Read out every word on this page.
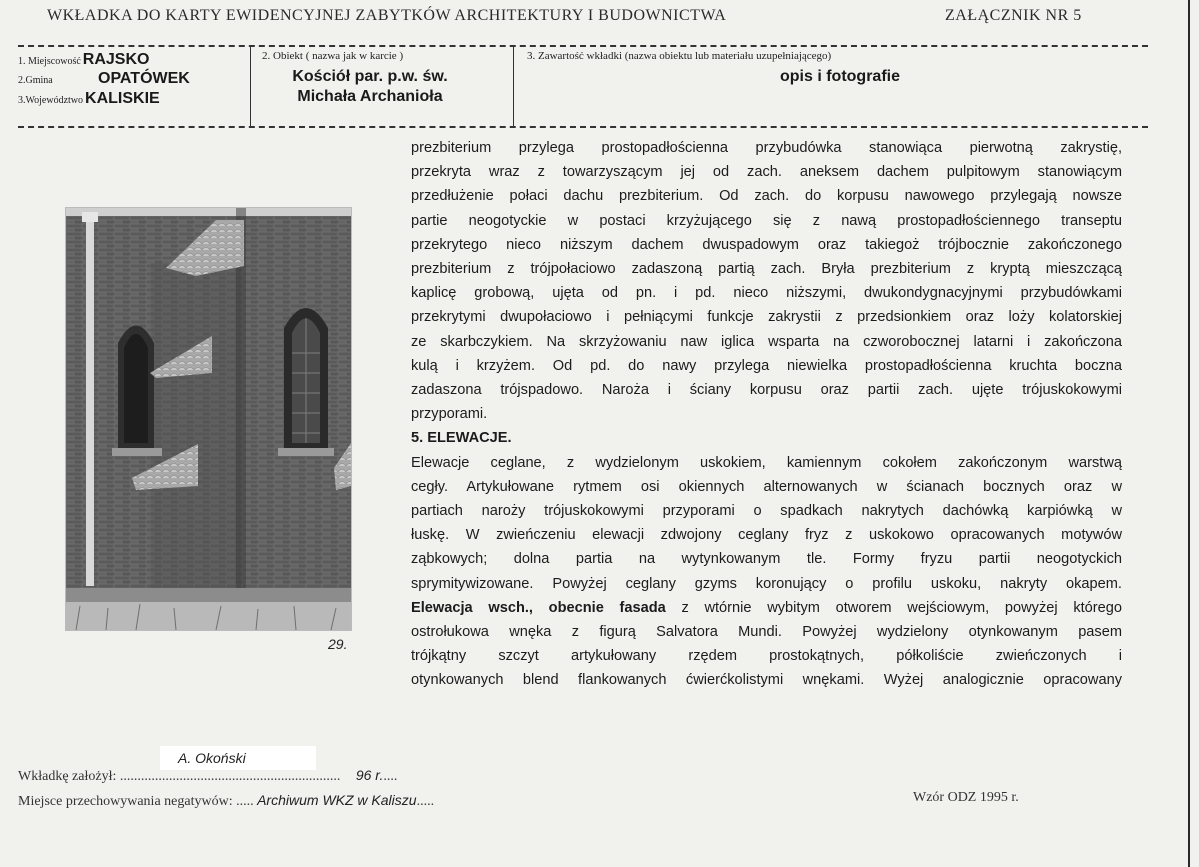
WKŁADKA DO KARTY EWIDENCYJNEJ ZABYTKÓW ARCHITEKTURY I BUDOWNICTWA	ZAŁĄCZNIK NR 5
1. Miejscowość RAJSKO
2.Gmina	OPATÓWEK
3.Województwo KALISKIE
2. Obiekt ( nazwa jak w karcie )
Kościół par. p.w. św.
Michała Archanioła
3. Zawartość wkładki (nazwa obiektu lub materiału uzupełniającego)
opis i fotografie
29.

prezbiterium przylega prostopadłościenna przybudówka stanowiąca pierwotną zakrystię,

przekryta wraz z towarzyszącym jej od zach. aneksem dachem pulpitowym stanowiącym

przedłużenie połaci dachu prezbiterium. Od zach. do korpusu nawowego przylegają nowsze

partie neogotyckie w postaci krzyżującego się z nawą prostopadłościennego transeptu

przekrytego nieco niższym dachem dwuspadowym oraz takiegoż trójbocznie zakończonego

prezbiterium z trójpołaciowo zadaszoną partią zach. Bryła prezbiterium z kryptą mieszczącą

kaplicę grobową, ujęta od pn. i pd. nieco niższymi, dwukondygnacyjnymi przybudówkami

przekrytymi dwupołaciowo i pełniącymi funkcje zakrystii z przedsionkiem oraz loży kolatorskiej

ze skarbczykiem. Na skrzyżowaniu naw iglica wsparta na czworobocznej latarni i zakończona

kulą i krzyżem. Od pd. do nawy przylega niewielka prostopadłościenna kruchta boczna

zadaszona trójspadowo. Naroża i ściany korpusu oraz partii zach. ujęte trójuskokowymi

przyporami.

5. ELEWACJE.

Elewacje ceglane, z wydzielonym uskokiem, kamiennym cokołem zakończonym warstwą

cegły. Artykułowane rytmem osi okiennych alternowanych w ścianach bocznych oraz w

partiach naroży trójuskokowymi przyporami o spadkach nakrytych dachówką karpiówką w

łuskę. W zwieńczeniu elewacji zdwojony ceglany fryz z uskokowo opracowanych motywów

ząbkowych; dolna partia na wytynkowanym tle. Formy fryzu partii neogotyckich

sprymitywizowane. Powyżej ceglany gzyms koronujący o profilu uskoku, nakryty okapem.

Elewacja wsch., obecnie fasada z wtórnie wybitym otworem wejściowym, powyżej którego

ostrołukowa wnęka z figurą Salvatora Mundi. Powyżej wydzielony otynkowanym pasem

trójkątny szczyt artykułowany rzędem prostokątnych, półkoliście zwieńczonych i

otynkowanych blend flankowanych ćwierćkolistymi wnękami. Wyżej analogicznie opracowany

A. Okoński
Wkładkę założył: ............................................................... 96 r.....
Miejsce przechowywania negatywów: ..... Archiwum WKZ w Kaliszu.....	Wzór ODZ 1995 r.
